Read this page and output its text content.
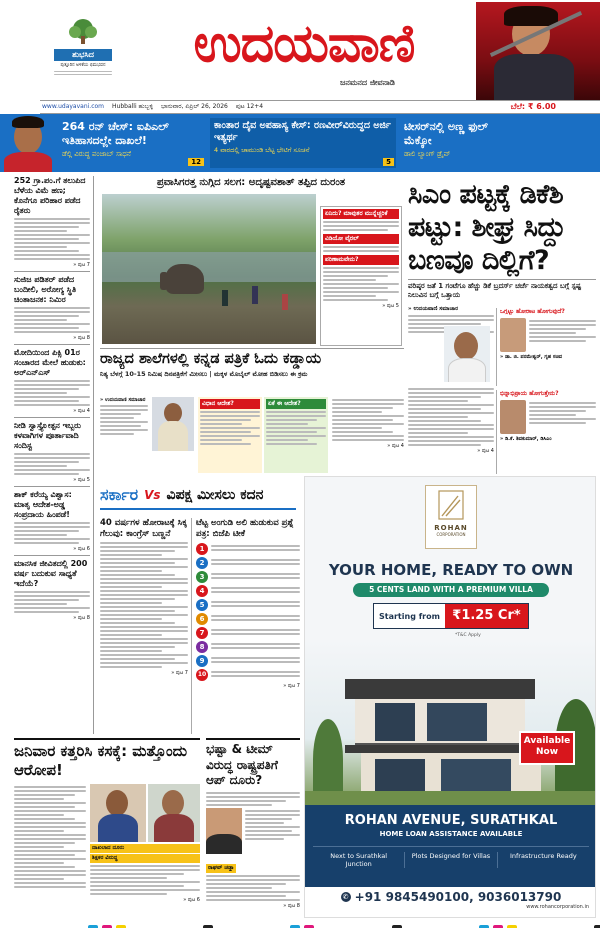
ಶುಭಸಿದ
ಪುತ್ತೂರಿನ ಅಳಿಕೆಯ ಭಿಮಭವನ	ಉದಯವಾಣಿ
ಜನಮನದ ಜೀವನಾಡಿ
www.udayavani.com Hubballi ಹುಬ್ಬಳ್ಳಿ ಭಾನುವಾರ, ಏಪ್ರಿಲ್ 26, 2026 ಪುಟ 12+4	ಬೆಲೆ: ₹ 6.00
264 ರನ್ ಚೇಸ್: ಐಪಿಎಲ್ ಇತಿಹಾಸದಲ್ಲೇ ದಾಖಲೆ!
ಡೆಲ್ಲಿ ವಿರುದ್ಧ ಪಂಜಾಬ್ ಸಾಧನೆ
12
ಕಾಂತಾರ ದೈವ ಅಪಹಾಸ್ಯ ಕೇಸ್: ರಣವೀರ್‌ವಿರುದ್ಧದ ಅರ್ಜಿ ಇತ್ಯರ್ಥ
4 ವಾರದಲ್ಲಿ ಚಾಮುಂಡಿ ಬೆಟ್ಟ ಭೇಟಿಗೆ ಸೂಚನೆ
5
ಟೀಸರ್‌ನಲ್ಲಿ ಅಣ್ಣ ಫುಲ್ ಮೆಕ್ಕೋ
ಡಾಲಿ ಲ್ಯಾಂಗ್ ಡ್ರೈವ್
252 ಗ್ರಾ.ಪಂ.ಗೆ ತಲುಪಿದ ಬೆಳೆಯ ವಿಮೆ ಹಣ; ಕೊನೆಗೂ ಪರಿಹಾರ ಪಡೆದ ರೈತರು
» ಪುಟ 7
ಸುಜಿಜ ಪಡಿತರ್ ಪಡೆದ ಬಂದೀಲಿ, ಅರೋಗ್ಯ ಸ್ಥಿತಿ ಚಿಂತಾಜನಕ: ನಿಮಿರ
» ಪುಟ 8
ಮೋದಿಯಿಂದ ಪಿಕ್ಸಿ 01ರ ಸಂಚಾರದ ಮೇಲೆ ಹುಡುಕು: ಅರ್‌ಎನ್‌ಎಸ್
» ಪುಟ 4
ನೀಡಿ ಸ್ವಾಸ್ತ್ಯೋತ್ಪನ ಇಬ್ಬರು ಕಳವಾಗಿಗಳ ಪೂರ್ತಾವಾದಿ ಸಂದಿಸ್ಟ
» ಪುಟ 5
ಶಾಕ್ ಕರೆಯ್ಯ ವಿಶ್ವಾಸ: ಮಾತೃ ಆದೇಶ-ಅಡ್ಡ ಸಂಪ್ರದಾಯ ಹಿಂಪಡೆ!
» ಪುಟ 6
ಮಾನಸಿಕ ಜೀವಿತದಲ್ಲಿ 200 ವರ್ಷ ಬದುಕುವ ಸಾಧ್ಯತೆ ಇದೆಯೆ?
» ಪುಟ 8
ಪ್ರವಾಸಿಗರತ್ತ ನುಗ್ಗಿದ ಸಲಗ: ಅದೃಷ್ಟವಶಾತ್ ತಪ್ಪಿದ ದುರಂತ
ಏನಿದು? ಮಾವುತರ ಮುನ್ನೆಚ್ಚರಿಕೆ
ವಿಡಿಯೋ ವೈರಲ್
ಪರಿಣಾಮವೇನು?
» ಪುಟ 5
ಸಿಎಂ ಪಟ್ಟಕ್ಕೆ ಡಿಕೆಶಿ
ಪಟ್ಟು: ಶೀಘ್ರ ಸಿದ್ದು
ಬಣವೂ ದಿಲ್ಲಿಗೆ?
ವರಿಷ್ಠರ ಜತೆ 1 ಗಂಟೆಗೂ ಹೆಚ್ಚು ಡಿಕೆ ಬ್ರದರ್ಸ್ ಚರ್ಚೆ ನಾಯಕತ್ವದ ಬಗ್ಗೆ ಸ್ಪಷ್ಟ ನಿಲುವಿನ ಬಗ್ಗೆ ಒತ್ತಾಯ
» ಉದಯವಾಣಿ ಸಮಾಚಾರ
» ಪುಟ 4
ಒಗ್ಗಟ್ಟು ಹೋರಾಟ ಹೋಗುವುದೆ?
» ಡಾ. ಜಿ. ಪರಮೇಶ್ವರ್, ಗೃಹ ಸಚಿವ
ಭಿನ್ನಾಭಿಪ್ರಾಯ ಹೋಗುತ್ತೇನು?
» ಡಿ.ಕೆ. ಶಿವಕುಮಾರ್, ಡಿಸಿಎಂ
ರಾಜ್ಯದ ಶಾಲೆಗಳಲ್ಲಿ ಕನ್ನಡ ಪತ್ರಿಕೆ ಓದು ಕಡ್ಡಾಯ
ನಿತ್ಯ ಬೆಳಗ್ಗೆ 10-15 ನಿಮಿಷ ದಿನಪತ್ರಿಕೆಗೆ ಮೀಸಲು | ಮಕ್ಕಳ ಮೊಬೈಲ್ ಮೋಹ ಬಿಡಿಸಲು ಈ ಕ್ರಮ
» ಉದಯವಾಣಿ ಸಮಾಚಾರ	ವಿಧಾನ ಆದೇಶ?	ಏಕೆ ಈ ಆದೇಶ?
» ಪುಟ 4
ಸರ್ಕಾರ Vs ವಿಪಕ್ಷ ಮೀಸಲು ಕದನ
40 ವರ್ಷಗಳ ಹೋರಾಟಕ್ಕೆ ಸಿಕ್ಕ ಗೆಲುವು: ಕಾಂಗ್ರೆಸ್ ಬಣ್ಣನೆ
» ಪುಟ 7
ಟೆಟ್ಟ ಅಂಗುಡಿ ಅಲಿ ಹುಡುಕುವ ಪ್ರಶ್ನೆ ಪತ್ರ: ಬಿಜೆಪಿ ಟೀಕೆ
1
2
3
4
5
6
7
8
9
10
» ಪುಟ 7
ಜನಿವಾರ ಕತ್ತರಿಸಿ ಕಸಕ್ಕೆ: ಮತ್ತೊಂದು ಆರೋಪ!
ದಾಖಲಾದ ದೂರು
ಶಿಕ್ಷಕರ ವಿರುದ್ಧ
» ಪುಟ 6
ಭಷ್ಟಾ & ಟೀಮ್ ವಿರುದ್ಧ ರಾಷ್ಟ್ರಪತಿಗೆ ಆಪ್ ದೂರು?
ರಾಘವ್ ಚಡ್ಡಾ
» ಪುಟ 8
ROHAN
CORPORATION
YOUR HOME, READY TO OWN
5 CENTS LAND WITH A PREMIUM VILLA
Starting from ₹1.25 Cr*
*T&C Apply
Available
Now
ROHAN AVENUE, SURATHKAL
HOME LOAN ASSISTANCE AVAILABLE
Next to Surathkal Junction
Plots Designed for Villas	Infrastructure Ready
✆ +91 9845490100, 9036013790
www.rohancorporation.in
